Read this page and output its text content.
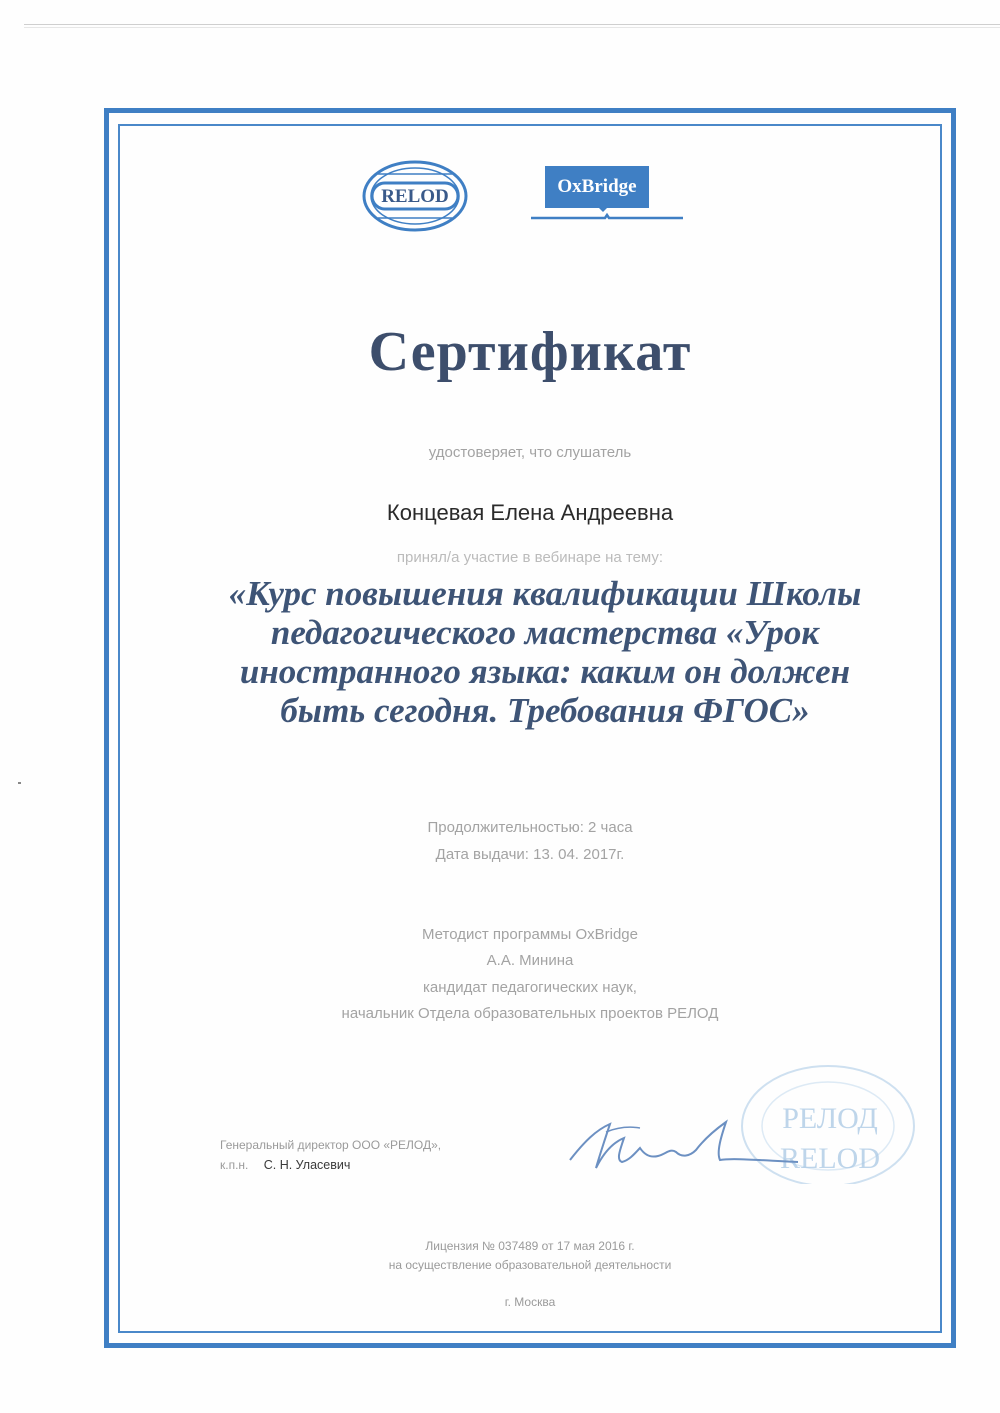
RELOD	OxBridge
Сертификат
удостоверяет, что слушатель
Концевая Елена Андреевна
принял/а участие в вебинаре на тему:
«Курс повышения квалификации Школы педагогического мастерства «Урок иностранного языка: каким он должен быть сегодня. Требования ФГОС»
Продолжительностью: 2 часа
Дата выдачи: 13. 04. 2017г.
Методист программы OxBridge
А.А. Минина
кандидат педагогических наук,
начальник Отдела образовательных проектов РЕЛОД
Генеральный директор ООО «РЕЛОД»,
к.п.н. С. Н. Уласевич
РЕЛОД
RELOD
Лицензия № 037489 от 17 мая 2016 г.
на осуществление образовательной деятельности
г. Москва
